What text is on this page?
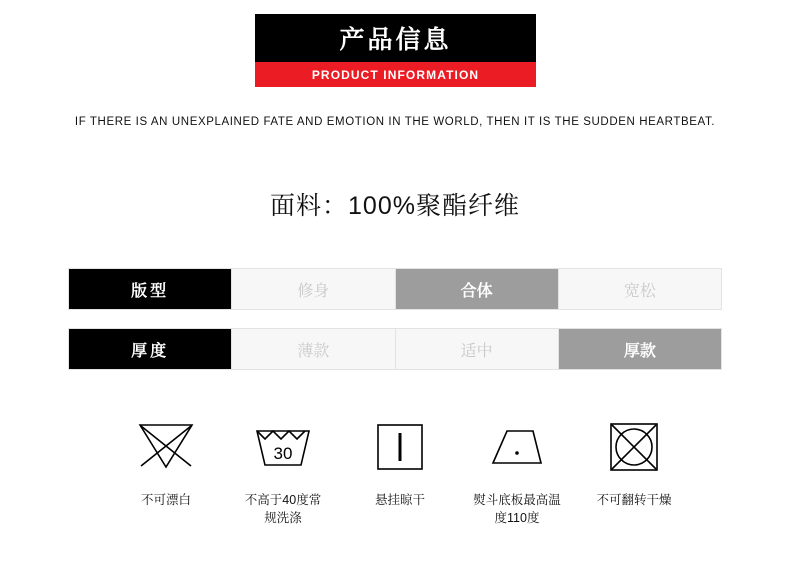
产品信息
PRODUCT INFORMATION
IF THERE IS AN UNEXPLAINED FATE AND EMOTION IN THE WORLD, THEN IT IS THE SUDDEN HEARTBEAT.
面料：100%聚酯纤维
版型	修身	合体	宽松
厚度	薄款	适中	厚款
不可漂白
30
不高于40度常规洗涤
悬挂晾干	熨斗底板最高温度110度
不可翻转干燥
